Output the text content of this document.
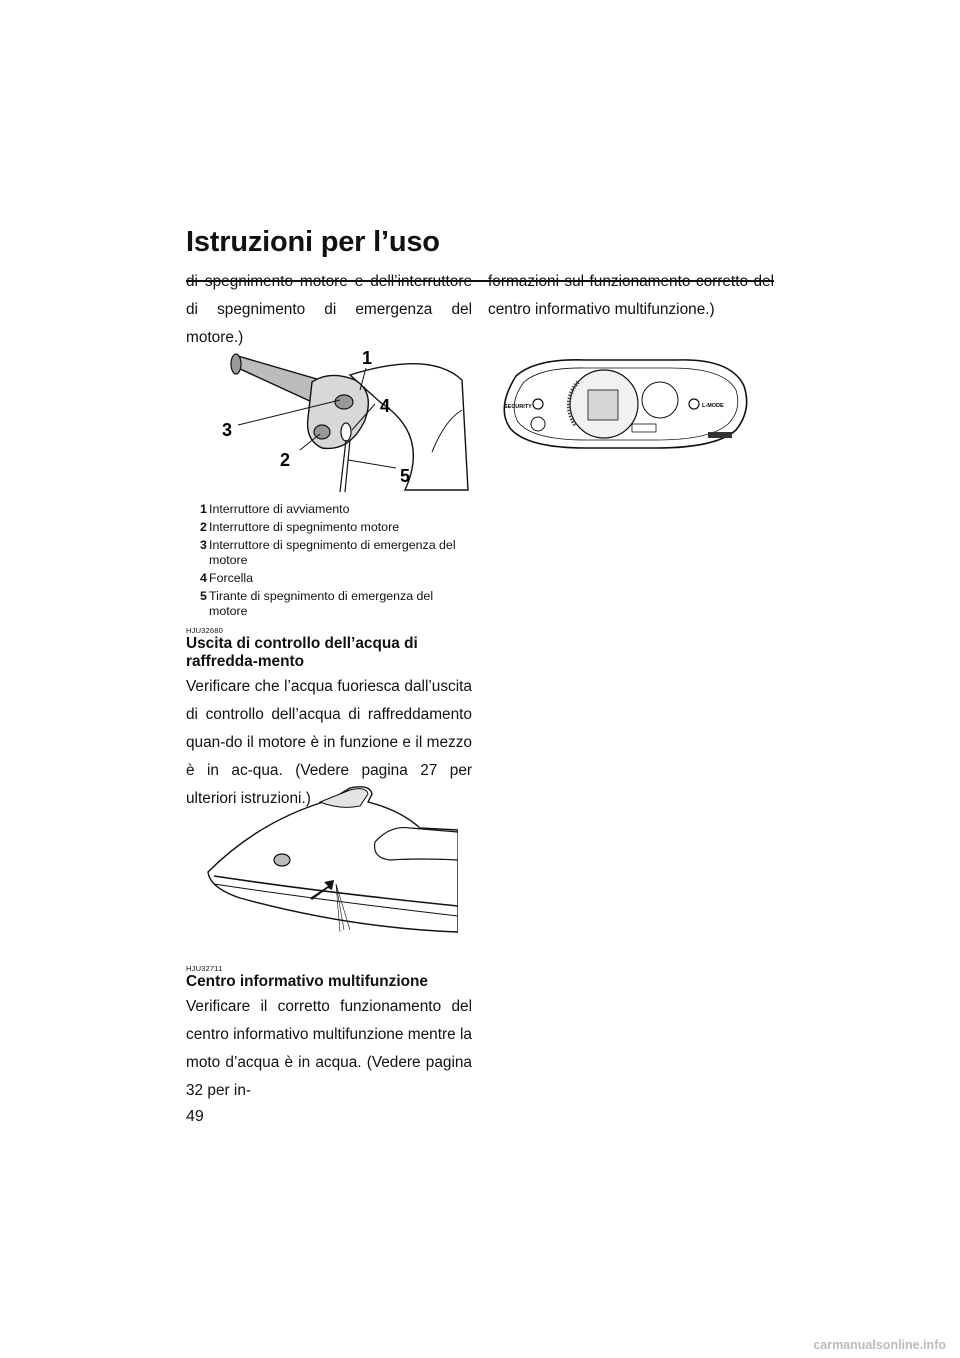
Istruzioni per l’uso

di spegnimento motore e dell’interruttore di spegnimento di emergenza del motore.)

formazioni sul funzionamento corretto del centro informativo multifunzione.)

1
2
3
4
5
1 Interruttore di avviamento
2 Interruttore di spegnimento motore
3 Interruttore di spegnimento di emergenza del motore
4 Forcella
5 Tirante di spegnimento di emergenza del motore
HJU32680
Uscita di controllo dell’acqua di raffredda-mento

Verificare che l’acqua fuoriesca dall’uscita di controllo dell’acqua di raffreddamento quan-do il motore è in funzione e il mezzo è in ac-qua. (Vedere pagina 27 per ulteriori istruzioni.)

HJU32711
Centro informativo multifunzione

Verificare il corretto funzionamento del centro informativo multifunzione mentre la moto d’acqua è in acqua. (Vedere pagina 32 per in-

SECURITY	L-MODE
49
carmanualsonline.info
